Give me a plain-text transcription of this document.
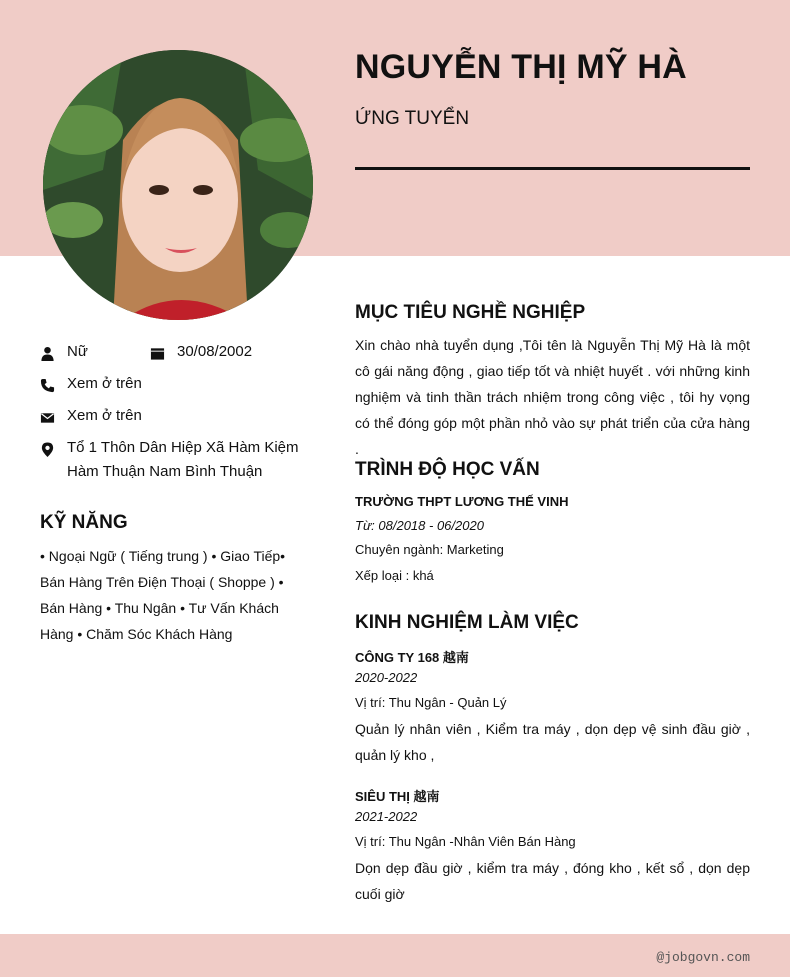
NGUYỄN THỊ MỸ HÀ

ỨNG TUYỂN

Nữ	30/08/2002
Xem ở trên
Xem ở trên
Tổ 1 Thôn Dân Hiệp Xã Hàm Kiệm Hàm Thuận Nam Bình Thuận
KỸ NĂNG
• Ngoại Ngữ ( Tiếng trung ) • Giao Tiếp• Bán Hàng Trên Điện Thoại ( Shoppe ) • Bán Hàng • Thu Ngân • Tư Vấn Khách Hàng • Chăm Sóc Khách Hàng
MỤC TIÊU NGHỀ NGHIỆP
Xin chào nhà tuyển dụng ,Tôi tên là Nguyễn Thị Mỹ Hà là một cô gái năng động , giao tiếp tốt và nhiệt huyết . với những kinh nghiệm và tinh thần trách nhiệm trong công việc , tôi hy vọng có thể đóng góp một phần nhỏ vào sự phát triển của cửa hàng .
TRÌNH ĐỘ HỌC VẤN
TRƯỜNG THPT LƯƠNG THẾ VINH
Từ: 08/2018 - 06/2020
Chuyên ngành: Marketing
Xếp loại : khá
KINH NGHIỆM LÀM VIỆC
CÔNG TY 168 越南
2020-2022
Vị trí: Thu Ngân - Quản Lý
Quản lý nhân viên , Kiểm tra máy , dọn dẹp vệ sinh đầu giờ , quản lý kho ,
SIÊU THỊ 越南
2021-2022
Vị trí: Thu Ngân -Nhân Viên Bán Hàng
Dọn dẹp đầu giờ , kiểm tra máy , đóng kho , kết sổ , dọn dẹp cuối giờ
@jobgovn.com
